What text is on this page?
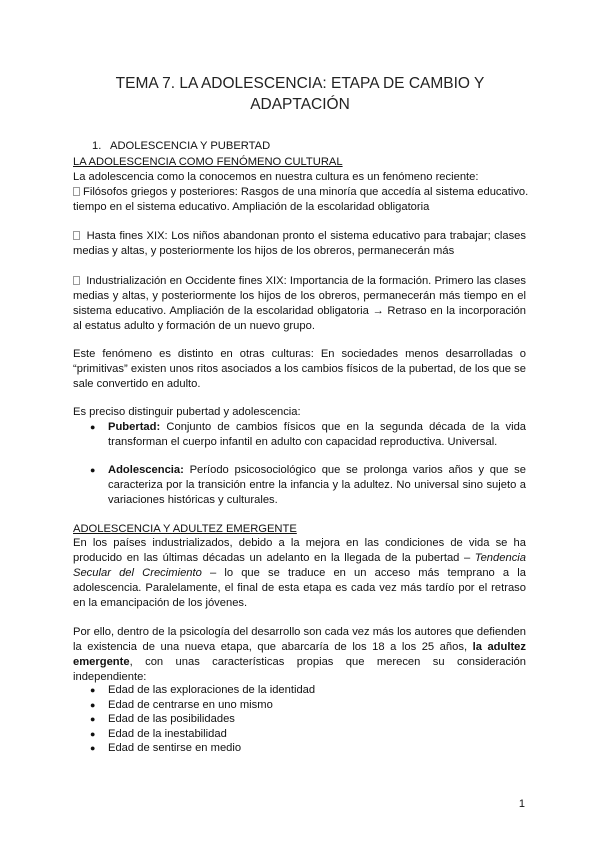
TEMA 7. LA ADOLESCENCIA: ETAPA DE CAMBIO Y
ADAPTACIÓN
1. ADOLESCENCIA Y PUBERTAD
LA ADOLESCENCIA COMO FENÓMENO CULTURAL
La adolescencia como la conocemos en nuestra cultura es un fenómeno reciente:
Filósofos griegos y posteriores: Rasgos de una minoría que accedía al sistema educativo.
tiempo en el sistema educativo. Ampliación de la escolaridad obligatoria

Hasta fines XIX: Los niños abandonan pronto el sistema educativo para trabajar; clases medias y altas, y posteriormente los hijos de los obreros, permanecerán más

Industrialización en Occidente fines XIX: Importancia de la formación. Primero las clases medias y altas, y posteriormente los hijos de los obreros, permanecerán más tiempo en el sistema educativo. Ampliación de la escolaridad obligatoria → Retraso en la incorporación al estatus adulto y formación de un nuevo grupo.

Este fenómeno es distinto en otras culturas: En sociedades menos desarrolladas o “primitivas” existen unos ritos asociados a los cambios físicos de la pubertad, de los que se sale convertido en adulto.
Es preciso distinguir pubertad y adolescencia:
● Pubertad: Conjunto de cambios físicos que en la segunda década de la vida transforman el cuerpo infantil en adulto con capacidad reproductiva. Universal.
● Adolescencia: Período psicosociológico que se prolonga varios años y que se caracteriza por la transición entre la infancia y la adultez. No universal sino sujeto a variaciones históricas y culturales.
ADOLESCENCIA Y ADULTEZ EMERGENTE
En los países industrializados, debido a la mejora en las condiciones de vida se ha producido en las últimas décadas un adelanto en la llegada de la pubertad – Tendencia Secular del Crecimiento – lo que se traduce en un acceso más temprano a la adolescencia. Paralelamente, el final de esta etapa es cada vez más tardío por el retraso en la emancipación de los jóvenes.
Por ello, dentro de la psicología del desarrollo son cada vez más los autores que defienden la existencia de una nueva etapa, que abarcaría de los 18 a los 25 años, la adultez emergente, con unas características propias que merecen su consideración independiente:
● Edad de las exploraciones de la identidad
● Edad de centrarse en uno mismo
● Edad de las posibilidades
● Edad de la inestabilidad
● Edad de sentirse en medio
1
